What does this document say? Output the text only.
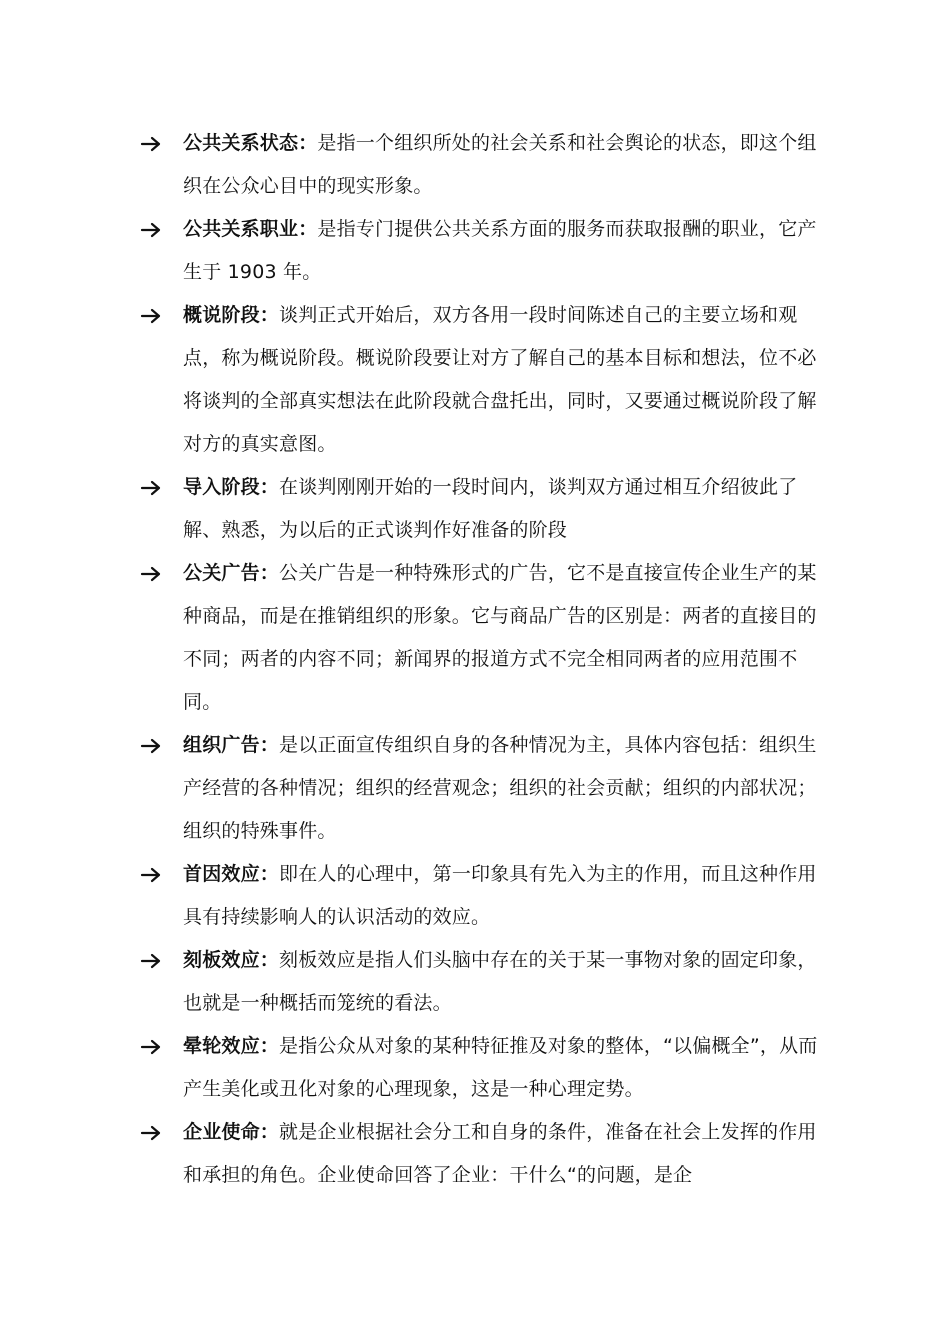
公共关系状态：是指一个组织所处的社会关系和社会舆论的状态，即这个组织在公众心目中的现实形象。
公共关系职业：是指专门提供公共关系方面的服务而获取报酬的职业，它产生于 1903 年。
概说阶段：谈判正式开始后，双方各用一段时间陈述自己的主要立场和观点，称为概说阶段。概说阶段要让对方了解自己的基本目标和想法，位不必将谈判的全部真实想法在此阶段就合盘托出，同时，又要通过概说阶段了解对方的真实意图。
导入阶段：在谈判刚刚开始的一段时间内，谈判双方通过相互介绍彼此了解、熟悉，为以后的正式谈判作好准备的阶段
公关广告：公关广告是一种特殊形式的广告，它不是直接宣传企业生产的某种商品，而是在推销组织的形象。它与商品广告的区别是：两者的直接目的不同；两者的内容不同；新闻界的报道方式不完全相同两者的应用范围不同。
组织广告：是以正面宣传组织自身的各种情况为主，具体内容包括：组织生产经营的各种情况；组织的经营观念；组织的社会贡献；组织的内部状况；组织的特殊事件。
首因效应：即在人的心理中，第一印象具有先入为主的作用，而且这种作用具有持续影响人的认识活动的效应。
刻板效应：刻板效应是指人们头脑中存在的关于某一事物对象的固定印象，也就是一种概括而笼统的看法。
晕轮效应：是指公众从对象的某种特征推及对象的整体，“以偏概全”，从而产生美化或丑化对象的心理现象，这是一种心理定势。
企业使命：就是企业根据社会分工和自身的条件，准备在社会上发挥的作用和承担的角色。企业使命回答了企业：干什么“的问题，是企
